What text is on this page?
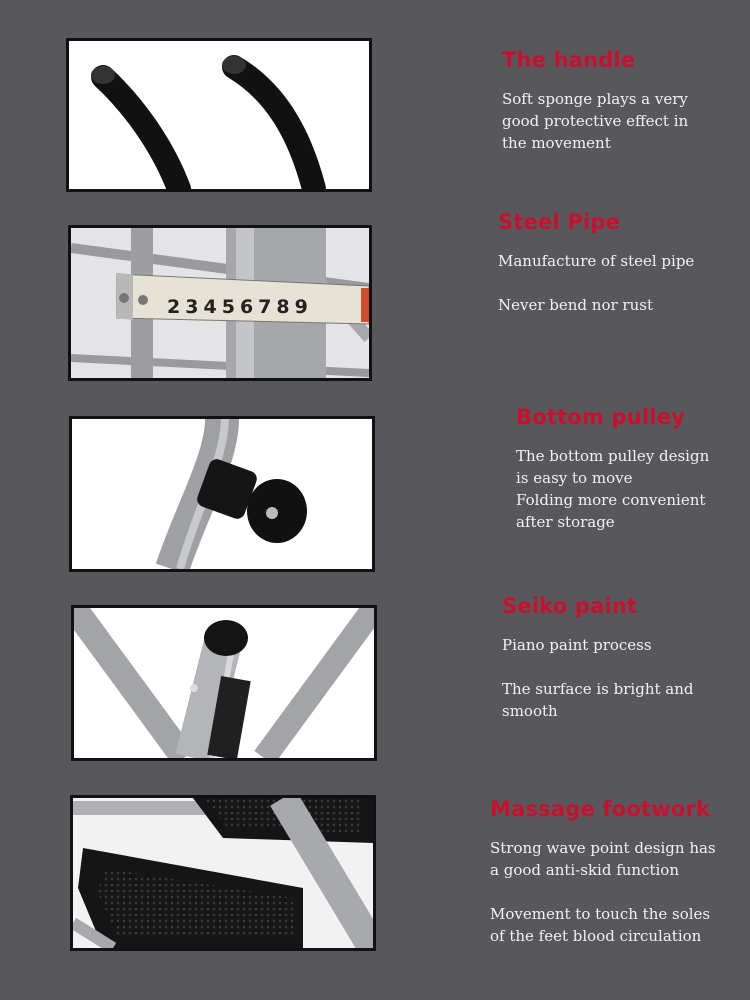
The handle

Soft sponge plays a very good protective effect in the movement

2 3 4 5 6 7 8 9
Steel Pipe

Manufacture of steel pipe

Never bend nor rust

Bottom pulley

The bottom pulley design is easy to move

Folding more convenient after storage

Seiko paint

Piano paint process

The surface is bright and smooth

Massage footwork

Strong wave point design has a good anti-skid function

Movement to touch the soles of the feet blood circulation
